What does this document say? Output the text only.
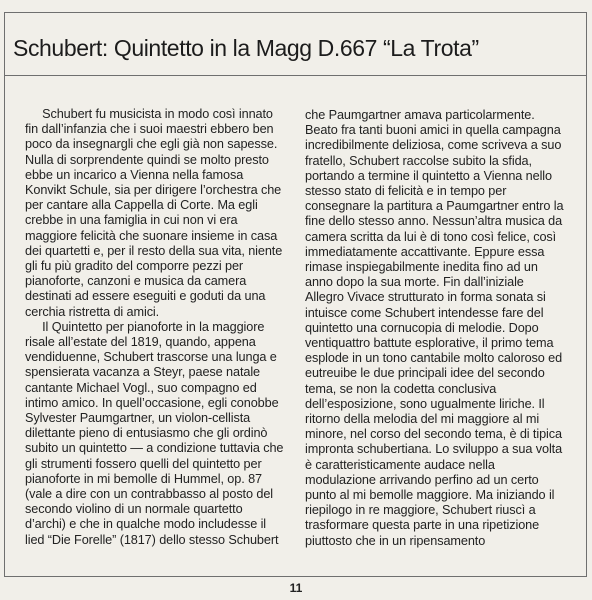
Schubert: Quintetto in la Magg D.667 “La Trota”
Schubert fu musicista in modo così innato
fin dall’infanzia che i suoi maestri ebbero ben
poco da insegnargli che egli già non sapesse.
Nulla di sorprendente quindi se molto presto
ebbe un incarico a Vienna nella famosa
Konvikt Schule, sia per dirigere l’orchestra che
per cantare alla Cappella di Corte. Ma egli
crebbe in una famiglia in cui non vi era
maggiore felicità che suonare insieme in casa
dei quartetti e, per il resto della sua vita, niente
gli fu più gradito del comporre pezzi per
pianoforte, canzoni e musica da camera
destinati ad essere eseguiti e goduti da una
cerchia ristretta di amici.
Il Quintetto per pianoforte in la maggiore
risale all’estate del 1819, quando, appena
vendiduenne, Schubert trascorse una lunga e
spensierata vacanza a Steyr, paese natale
cantante Michael Vogl., suo compagno ed
intimo amico. In quell’occasione, egli conobbe
Sylvester Paumgartner, un violon-cellista
dilettante pieno di entusiasmo che gli ordinò
subito un quintetto — a condizione tuttavia che
gli strumenti fossero quelli del quintetto per
pianoforte in mi bemolle di Hummel, op. 87
(vale a dire con un contrabbasso al posto del
secondo violino di un normale quartetto
d’archi) e che in qualche modo includesse il
lied “Die Forelle” (1817) dello stesso Schubert
che Paumgartner amava particolarmente.
Beato fra tanti buoni amici in quella campagna
incredibilmente deliziosa, come scriveva a suo
fratello, Schubert raccolse subito la sfida,
portando a termine il quintetto a Vienna nello
stesso stato di felicità e in tempo per
consegnare la partitura a Paumgartner entro la
fine dello stesso anno. Nessun’altra musica da
camera scritta da lui è di tono così felice, così
immediatamente accattivante. Eppure essa
rimase inspiegabilmente inedita fino ad un
anno dopo la sua morte. Fin dall’iniziale
Allegro Vivace strutturato in forma sonata si
intuisce come Schubert intendesse fare del
quintetto una cornucopia di melodie. Dopo
ventiquattro battute esplorative, il primo tema
esplode in un tono cantabile molto caloroso ed
eutreuibe le due principali idee del secondo
tema, se non la codetta conclusiva
dell’esposizione, sono ugualmente liriche. Il
ritorno della melodia del mi maggiore al mi
minore, nel corso del secondo tema, è di tipica
impronta schubertiana. Lo sviluppo a sua volta
è caratteristicamente audace nella
modulazione arrivando perfino ad un certo
punto al mi bemolle maggiore. Ma iniziando il
riepilogo in re maggiore, Schubert riuscì a
trasformare questa parte in una ripetizione
piuttosto che in un ripensamento
11
